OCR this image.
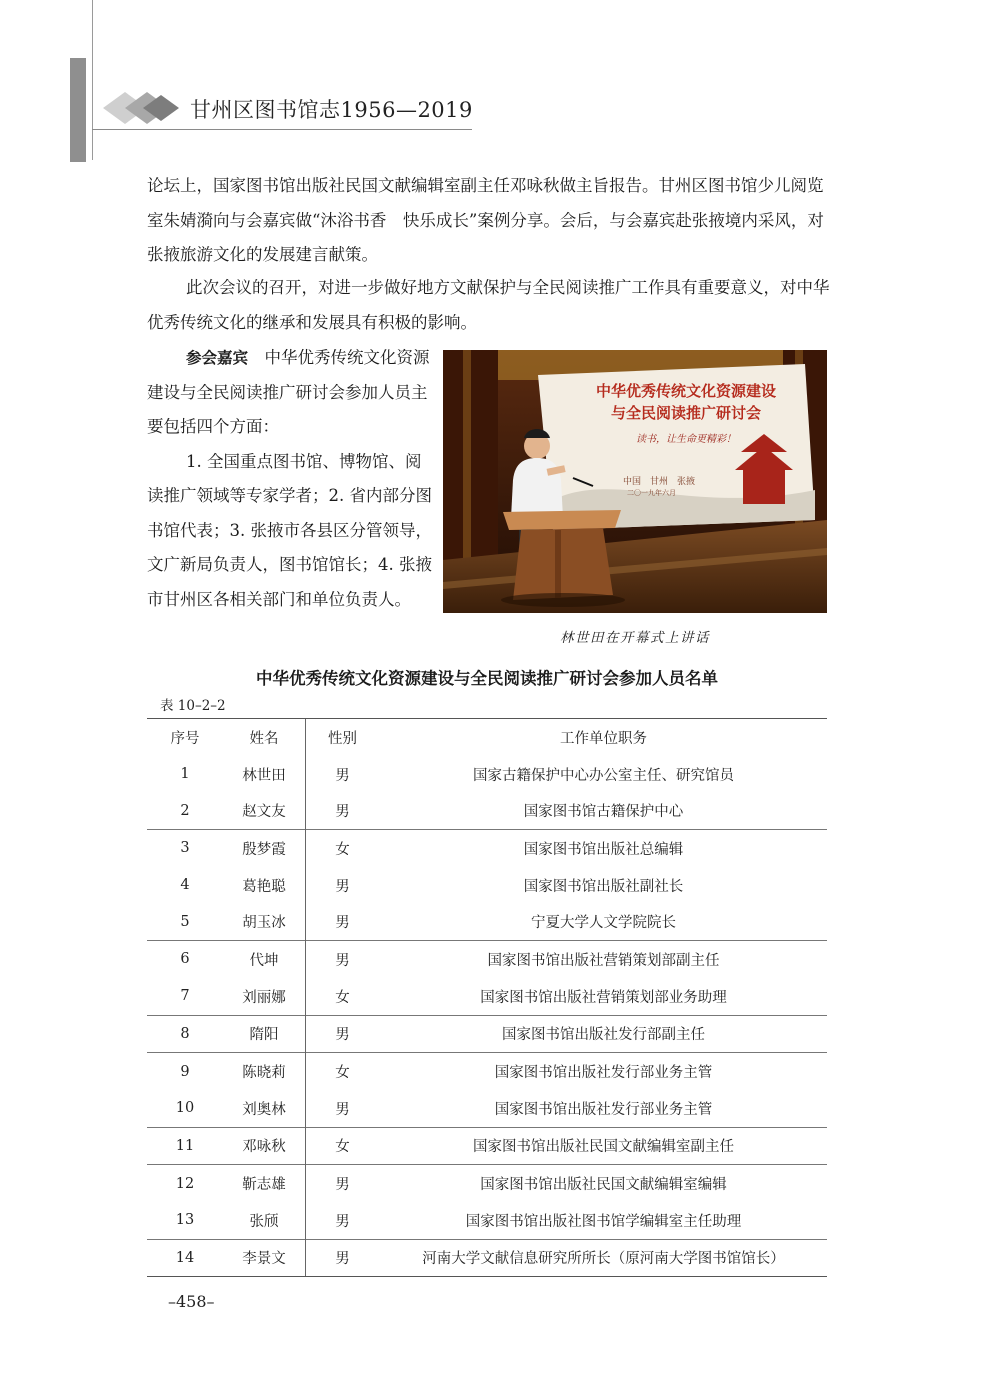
甘州区图书馆志1956—2019
论坛上，国家图书馆出版社民国文献编辑室副主任邓咏秋做主旨报告。甘州区图书馆少儿阅览室朱婧漪向与会嘉宾做“沐浴书香　快乐成长”案例分享。会后，与会嘉宾赴张掖境内采风，对张掖旅游文化的发展建言献策。
此次会议的召开，对进一步做好地方文献保护与全民阅读推广工作具有重要意义，对中华优秀传统文化的继承和发展具有积极的影响。
参会嘉宾　 中华优秀传统文化资源建设与全民阅读推广研讨会参加人员主要包括四个方面：
1. 全国重点图书馆、博物馆、阅读推广领域等专家学者；2. 省内部分图书馆代表；3. 张掖市各县区分管领导，文广新局负责人，图书馆馆长；4. 张掖市甘州区各相关部门和单位负责人。
中华优秀传统文化资源建设
与全民阅读推广研讨会
读书，让生命更精彩！
中国　甘州　张掖
二〇一九年六月
林世田在开幕式上讲话
中华优秀传统文化资源建设与全民阅读推广研讨会参加人员名单
表 10–2–2
序号	姓名	性别	工作单位职务
1	林世田	男	国家古籍保护中心办公室主任、研究馆员
2	赵文友	男	国家图书馆古籍保护中心
3	殷梦霞	女	国家图书馆出版社总编辑
4	葛艳聪	男	国家图书馆出版社副社长
5	胡玉冰	男	宁夏大学人文学院院长
6	代坤	男	国家图书馆出版社营销策划部副主任
7	刘丽娜	女	国家图书馆出版社营销策划部业务助理
8	隋阳	男	国家图书馆出版社发行部副主任
9	陈晓莉	女	国家图书馆出版社发行部业务主管
10	刘奥林	男	国家图书馆出版社发行部业务主管
11	邓咏秋	女	国家图书馆出版社民国文献编辑室副主任
12	靳志雄	男	国家图书馆出版社民国文献编辑室编辑
13	张颀	男	国家图书馆出版社图书馆学编辑室主任助理
14	李景文	男	河南大学文献信息研究所所长（原河南大学图书馆馆长）
–458–
